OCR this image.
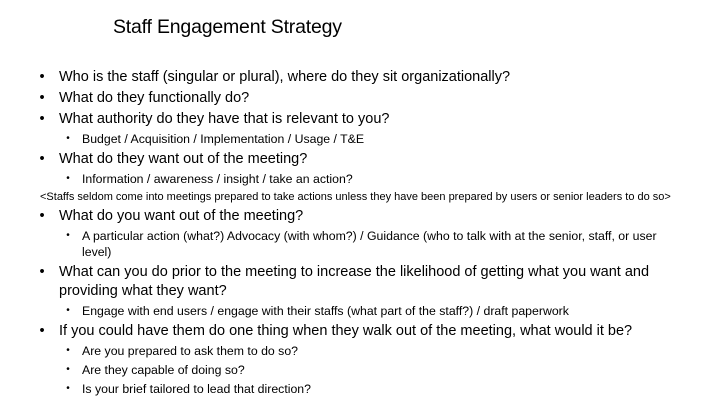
Staff Engagement Strategy
• Who is the staff (singular or plural), where do they sit organizationally?
• What do they functionally do?
• What authority do they have that is relevant to you?
• Budget / Acquisition / Implementation / Usage / T&E
• What do they want out of the meeting?
• Information / awareness / insight / take an action?
<Staffs seldom come into meetings prepared to take actions unless they have been prepared by users or senior leaders to do so>
• What do you want out of the meeting?
• A particular action (what?) Advocacy (with whom?) / Guidance (who to talk with at the senior, staff, or user level)
• What can you do prior to the meeting to increase the likelihood of getting what you want and providing what they want?
• Engage with end users / engage with their staffs (what part of the staff?) / draft paperwork
• If you could have them do one thing when they walk out of the meeting, what would it be?
• Are you prepared to ask them to do so?
• Are they capable of doing so?
• Is your brief tailored to lead that direction?
